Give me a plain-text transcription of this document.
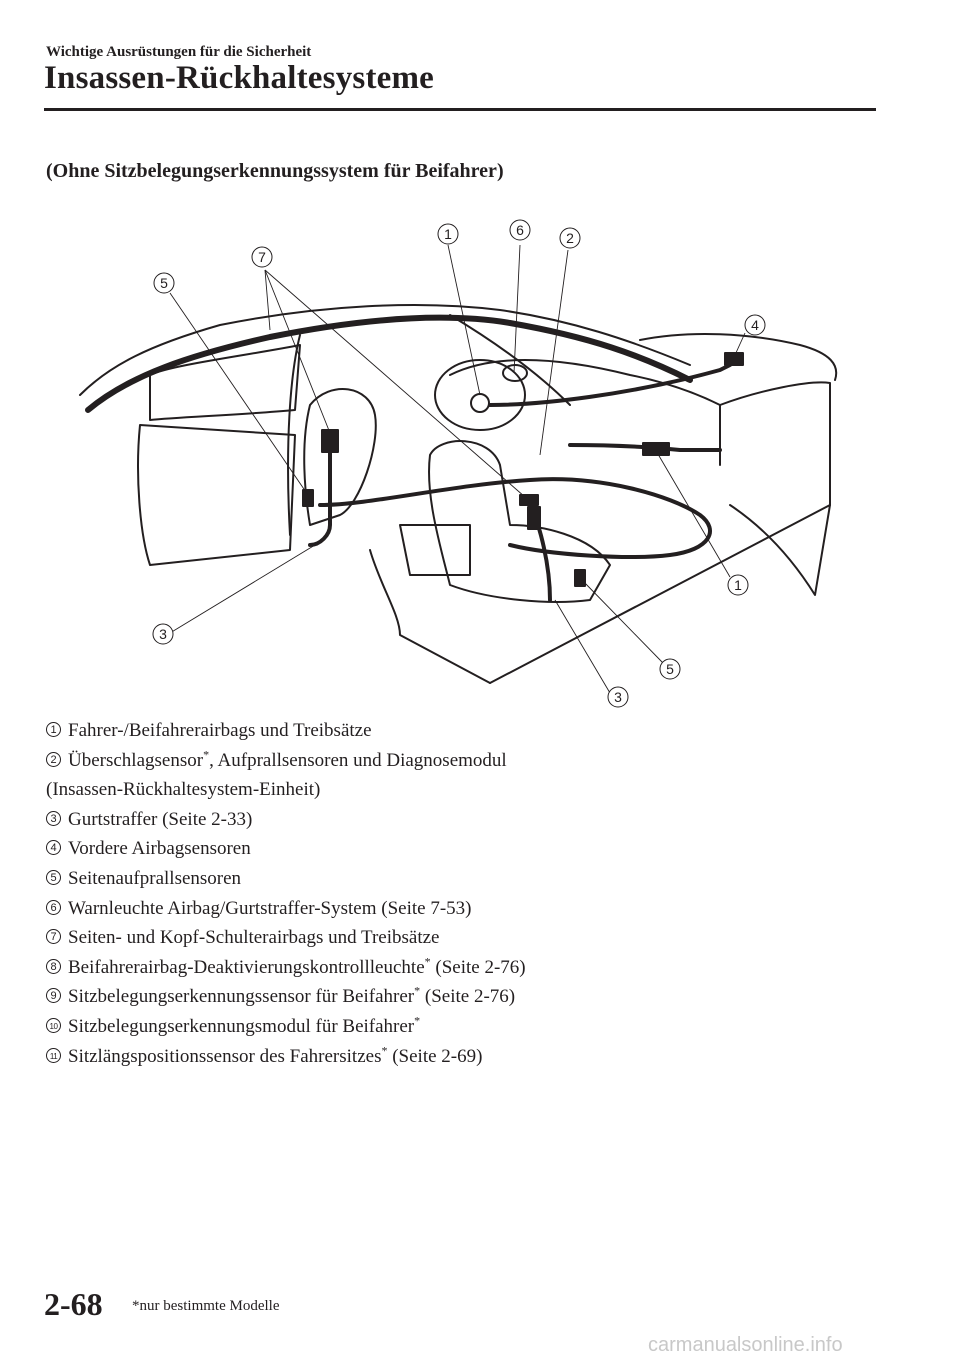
Wichtige Ausrüstungen für die Sicherheit
Insassen-Rückhaltesysteme
(Ohne Sitzbelegungserkennungssystem für Beifahrer)
1	6	2
7
5
4
1
3
5
3
1 Fahrer-/Beifahrerairbags und Treibsätze
2 Überschlagsensor*, Aufprallsensoren und Diagnosemodul
(Insassen-Rückhaltesystem-Einheit)
3 Gurtstraffer (Seite 2-33)
4 Vordere Airbagsensoren
5 Seitenaufprallsensoren
6 Warnleuchte Airbag/Gurtstraffer-System (Seite 7-53)
7 Seiten- und Kopf-Schulterairbags und Treibsätze
8 Beifahrerairbag-Deaktivierungskontrollleuchte* (Seite 2-76)
9 Sitzbelegungserkennungssensor für Beifahrer* (Seite 2-76)
10 Sitzbelegungserkennungsmodul für Beifahrer*
11 Sitzlängspositionssensor des Fahrersitzes* (Seite 2-69)
2-68 *nur bestimmte Modelle
carmanualsonline.info
